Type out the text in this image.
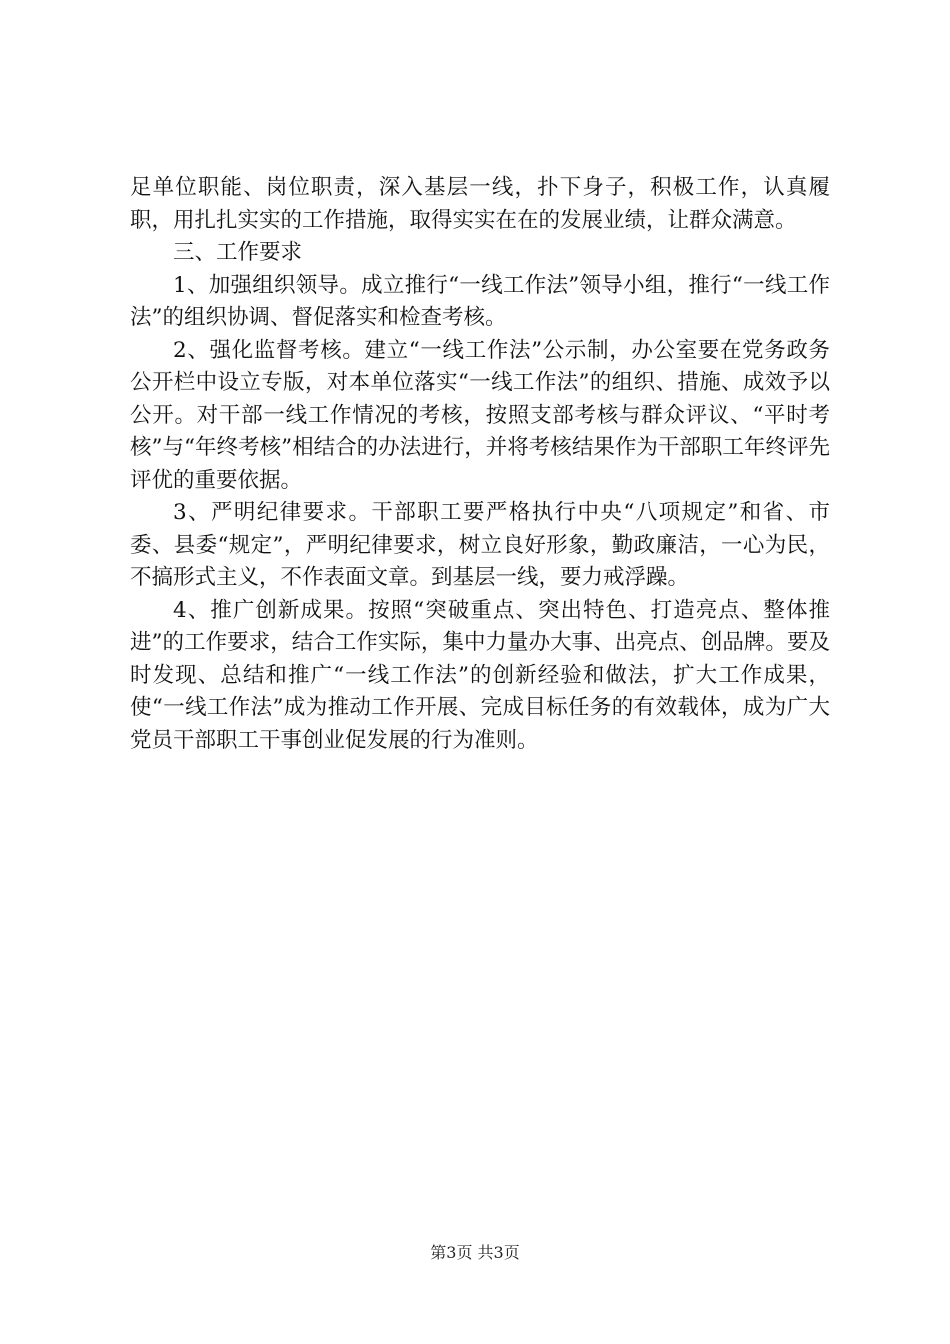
足单位职能、岗位职责，深入基层一线，扑下身子，积极工作，认真履职，用扎扎实实的工作措施，取得实实在在的发展业绩，让群众满意。

三、工作要求

1、加强组织领导。成立推行“一线工作法”领导小组，推行“一线工作法”的组织协调、督促落实和检查考核。

2、强化监督考核。建立“一线工作法”公示制，办公室要在党务政务公开栏中设立专版，对本单位落实“一线工作法”的组织、措施、成效予以公开。对干部一线工作情况的考核，按照支部考核与群众评议、“平时考核”与“年终考核”相结合的办法进行，并将考核结果作为干部职工年终评先评优的重要依据。

3、严明纪律要求。干部职工要严格执行中央“八项规定”和省、市委、县委“规定”，严明纪律要求，树立良好形象，勤政廉洁，一心为民，不搞形式主义，不作表面文章。到基层一线，要力戒浮躁。

4、推广创新成果。按照“突破重点、突出特色、打造亮点、整体推进”的工作要求，结合工作实际，集中力量办大事、出亮点、创品牌。要及时发现、总结和推广“一线工作法”的创新经验和做法，扩大工作成果，使“一线工作法”成为推动工作开展、完成目标任务的有效载体，成为广大党员干部职工干事创业促发展的行为准则。

第3页 共3页
